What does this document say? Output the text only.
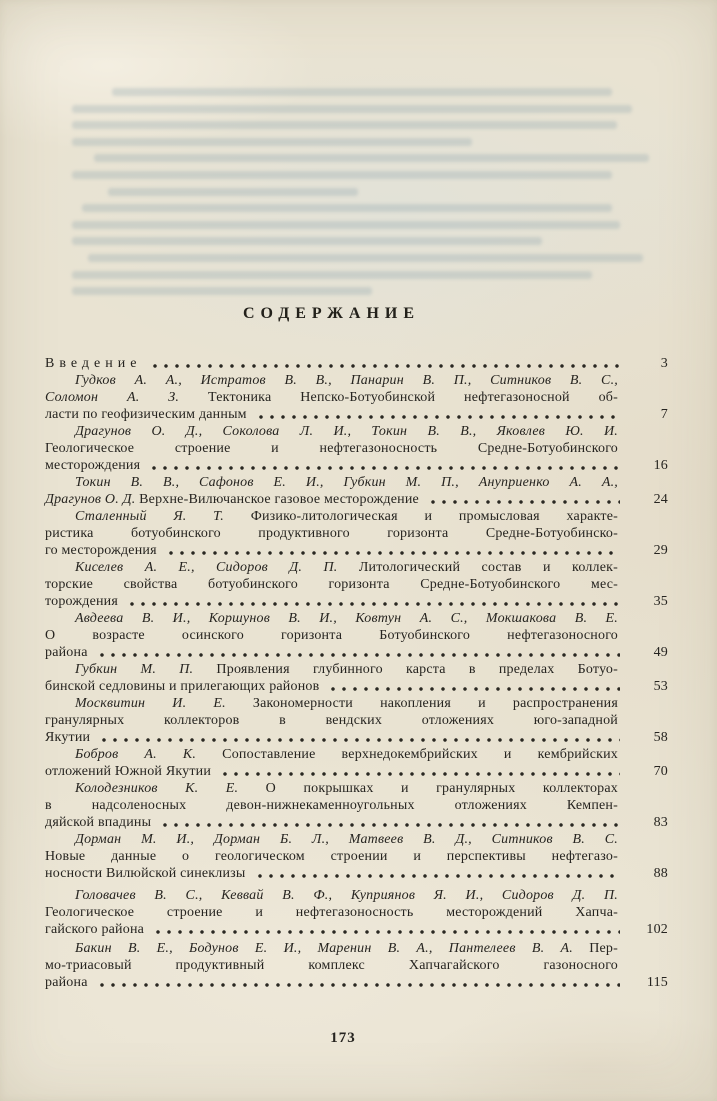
СОДЕРЖАНИЕ
Введение	3
Гудков А. А., Истратов В. В., Панарин В. П., Ситников В. С.,
Соломон А. З. Тектоника Непско-Ботуобинской нефтегазоносной об-
ласти по геофизическим данным	7
Драгунов О. Д., Соколова Л. И., Токин В. В., Яковлев Ю. И.
Геологическое строение и нефтегазоносность Средне-Ботуобинского
месторождения	16
Токин В. В., Сафонов Е. И., Губкин М. П., Ануприенко А. А.,
Драгунов О. Д. Верхне-Вилючанское газовое месторождение	24
Сталенный Я. Т. Физико-литологическая и промысловая характе-
ристика ботуобинского продуктивного горизонта Средне-Ботуобинско-
го месторождения	29
Киселев А. Е., Сидоров Д. П. Литологический состав и коллек-
торские свойства ботуобинского горизонта Средне-Ботуобинского мес-
торождения	35
Авдеева В. И., Коршунов В. И., Ковтун А. С., Мокшакова В. Е.
О возрасте осинского горизонта Ботуобинского нефтегазоносного
района	49
Губкин М. П. Проявления глубинного карста в пределах Ботуо-
бинской седловины и прилегающих районов	53
Москвитин И. Е. Закономерности накопления и распространения
гранулярных коллекторов в вендских отложениях юго-западной
Якутии	58
Бобров А. К. Сопоставление верхнедокембрийских и кембрийских
отложений Южной Якутии	70
Колодезников К. Е. О покрышках и гранулярных коллекторах
в надсоленосных девон-нижнекаменноугольных отложениях Кемпен-
дяйской впадины	83
Дорман М. И., Дорман Б. Л., Матвеев В. Д., Ситников В. С.
Новые данные о геологическом строении и перспективы нефтегазо-
носности Вилюйской синеклизы	88
Головачев В. С., Кеввай В. Ф., Куприянов Я. И., Сидоров Д. П.
Геологическое строение и нефтегазоносность месторождений Хапча-
гайского района	102
Бакин В. Е., Бодунов Е. И., Маренин В. А., Пантелеев В. А. Пер-
мо-триасовый продуктивный комплекс Хапчагайского газоносного
района	115
173
